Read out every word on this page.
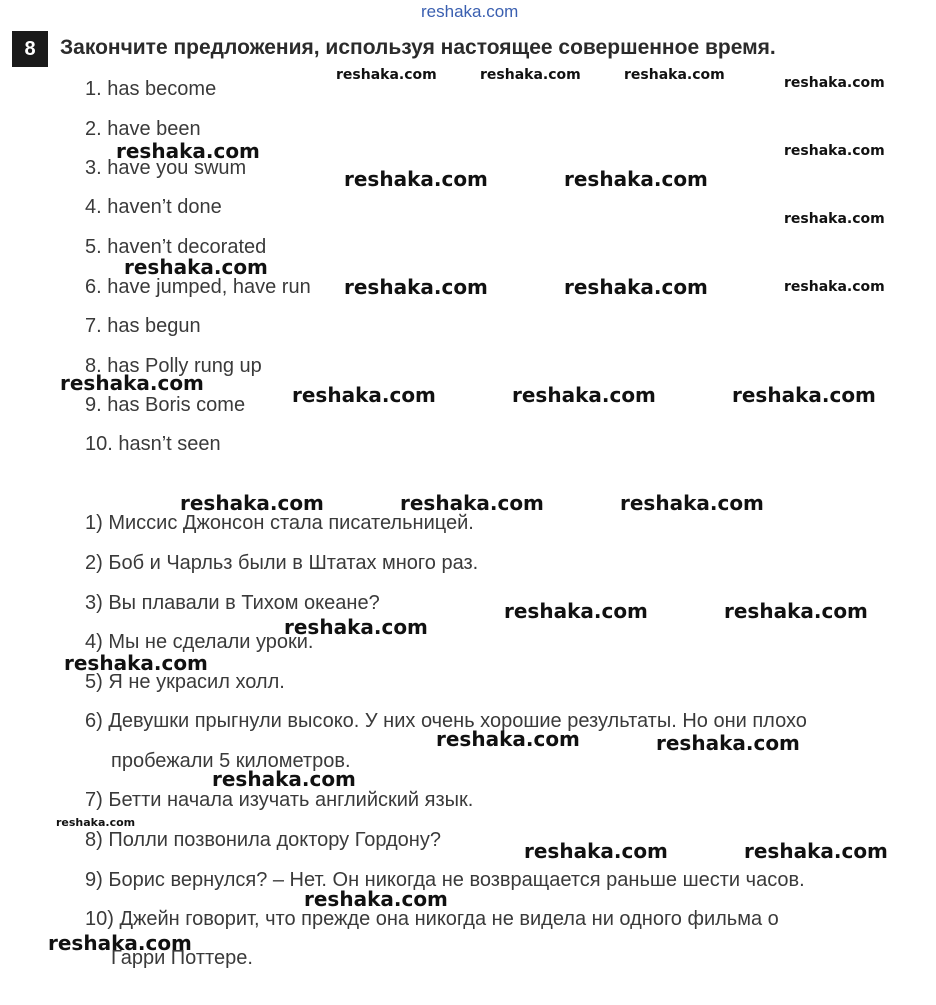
reshaka.com
8	Закончите предложения, используя настоящее совершенное время.
1. has become
2. have been
3. have you swum
4. haven’t done
5. haven’t decorated
6. have jumped, have run
7. has begun
8. has Polly rung up
9. has Boris come
10. hasn’t seen
1) Миссис Джонсон стала писательницей.
2) Боб и Чарльз были в Штатах много раз.
3) Вы плавали в Тихом океане?
4) Мы не сделали уроки.
5) Я не украсил холл.
6) Девушки прыгнули высоко. У них очень хорошие результаты. Но они плохо
пробежали 5 километров.
7) Бетти начала изучать английский язык.
8) Полли позвонила доктору Гордону?
9) Борис вернулся? – Нет. Он никогда не возвращается раньше шести часов.
10) Джейн говорит, что прежде она никогда не видела ни одного фильма о
Гарри Поттере.
reshaka.com	reshaka.com	reshaka.com	reshaka.com
reshaka.com	reshaka.com
reshaka.com	reshaka.com
reshaka.com
reshaka.com
reshaka.com	reshaka.com	reshaka.com
reshaka.com	reshaka.com	reshaka.com	reshaka.com
reshaka.com	reshaka.com	reshaka.com
reshaka.com	reshaka.com
reshaka.com
reshaka.com
reshaka.com	reshaka.com
reshaka.com
reshaka.com
reshaka.com	reshaka.com
reshaka.com
reshaka.com
